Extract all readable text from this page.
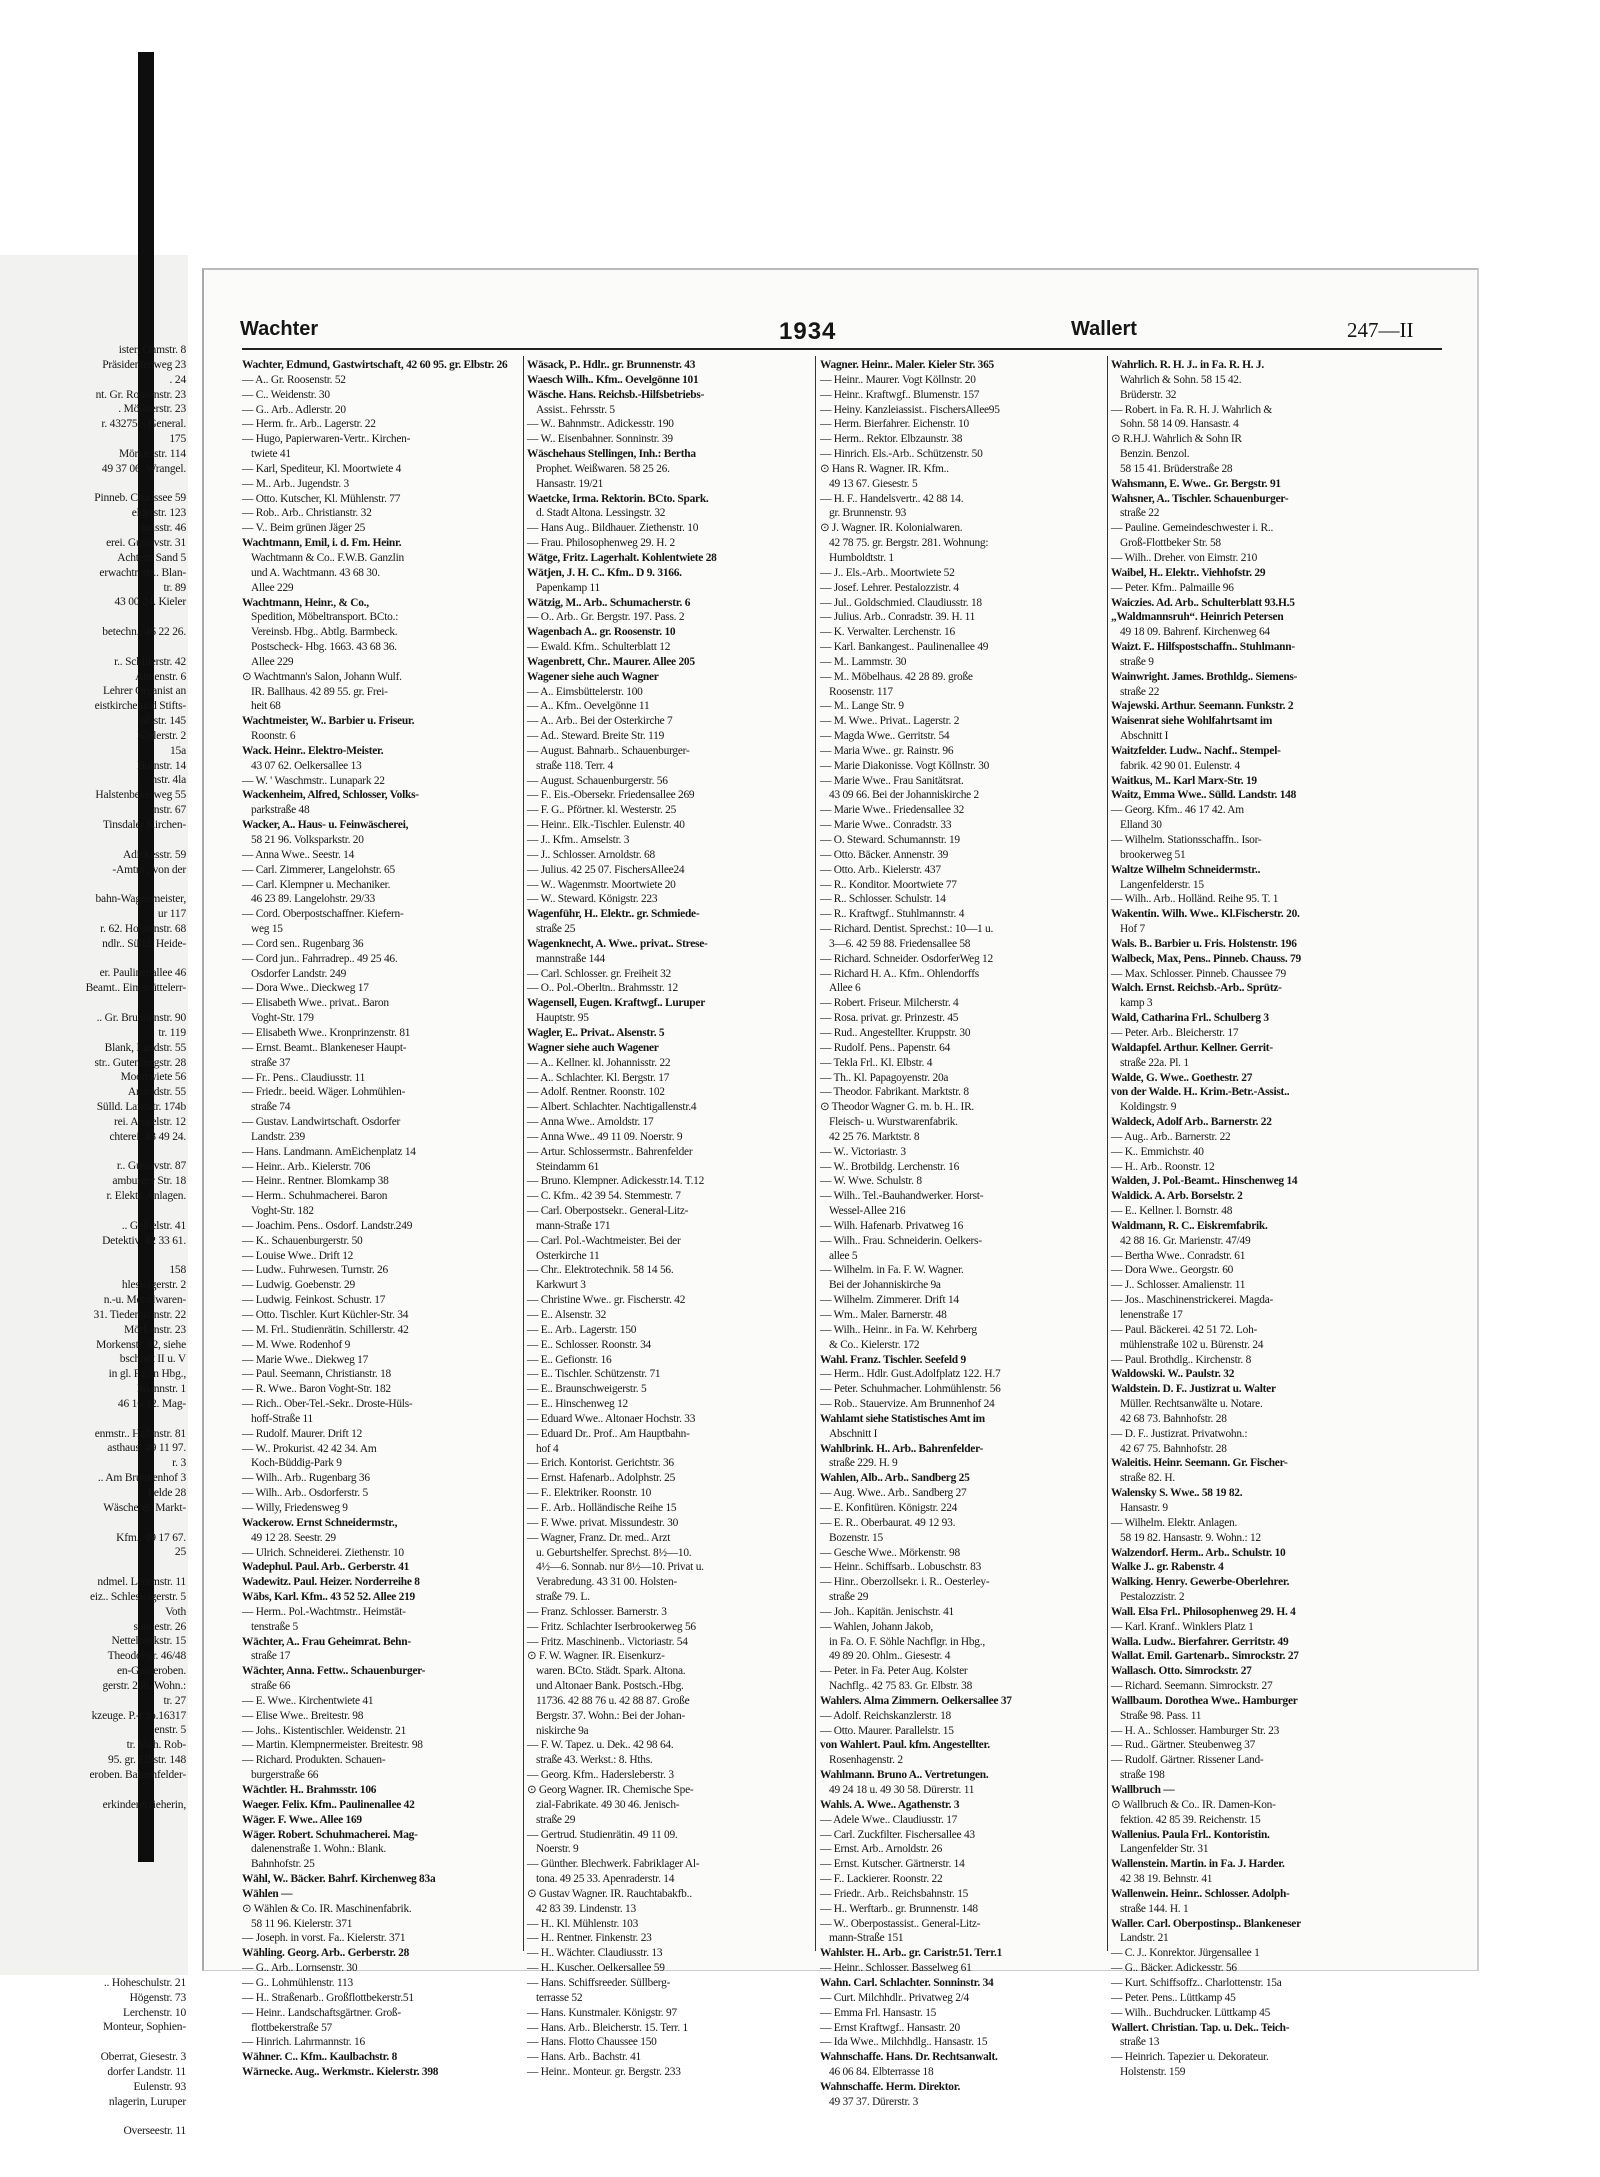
ister, Ohmstr. 8
Präsidentenweg 23
. 24
nt. Gr. Roosenstr. 23
. Möllnerstr. 23
r. 432755. General.
175
Mörkenstr. 114
49 37 06. Wrangel.
Pinneb. Chaussee 59
elderstr. 123
nnisstr. 46
erei. Gustavstr. 31
Achtern Sand 5
erwachtmstr.. Blan-
tr. 89
43 00 24. Kieler
betechn.. 46 22 26.
r.. Schillerstr. 42
Annenstr. 6
Lehrer Organist an
eistkirche und Stifts-
olbstr. 145
Kielerstr. 2
15a
Bornstr. 14
nstr. 4la
Halstenbekerweg 55
nstr. 67
Tinsdaler Kirchen-
Adickesstr. 59
-Amtm., von der
bahn-Wagenmeister,
ur 117
r. 62. Holstenstr. 68
ndlr.. Sülld. Heide-
er. Paulinenallee 46
Beamt.. Eimsbüttelerr-
.. Gr. Brunnenstr. 90
tr. 119
Blank, Landstr. 55
str.. Gutenbergstr. 28
Moortwiete 56
Arnoldstr. 55
Sülld. Landstr. 174b
rei. Amselstr. 12
chterei. 43 49 24.
r.. Gustavstr. 87
amburger Str. 18
r. Elektr. Anlagen.
.. Geibelstr. 41
Detektiv. 42 33 61.
158
hleswigerstr. 2
n.-u. Metallwaren-
31. Tiedemannstr. 22
Mörkenstr. 23
Morkenstr. 82, siehe
bschnitt II u. V
in gl. Fa. in Hbg.,
lmannstr. 1
46 16 32. Mag-
enmstr.. Hafenstr. 81
asthaus. 49 11 97.
r. 3
.. Am Brunnenhof 3
Felde 28
Wäscherei. Markt-
Kfm.. 49 17 67.
25
ndmel. Lammstr. 11
eiz.. Schleswigerstr. 5
Voth
sundestr. 26
Nettelbeckstr. 15
Theodorstr. 46/48
en-Garderoben.
gerstr. 208. Wohn.:
tr. 27
kzeuge. P.-Cto.16317
enstr. 5
tr. Voth. Rob-
95. gr. Elbstr. 148
eroben. Bahrenfelder-
erkindererzieherin,
.. Hoheschulstr. 21
Högenstr. 73
Lerchenstr. 10
Monteur, Sophien-
Oberrat, Giesestr. 3
dorfer Landstr. 11
Eulenstr. 93
nlagerin, Luruper
Overseestr. 11
Wachter	1934	Wallert	247—II
Wachter, Edmund, Gastwirtschaft, 42 60 95. gr. Elbstr. 26
— A.. Gr. Roosenstr. 52
— C.. Weidenstr. 30
— G.. Arb.. Adlerstr. 20
— Herm. fr.. Arb.. Lagerstr. 22
— Hugo, Papierwaren-Vertr.. Kirchen-
twiete 41
— Karl, Spediteur, Kl. Moortwiete 4
— M.. Arb.. Jugendstr. 3
— Otto. Kutscher, Kl. Mühlenstr. 77
— Rob.. Arb.. Christianstr. 32
— V.. Beim grünen Jäger 25
Wachtmann, Emil, i. d. Fm. Heinr.
Wachtmann & Co.. F.W.B. Ganzlin
und A. Wachtmann. 43 68 30.
Allee 229
Wachtmann, Heinr., & Co.,
Spedition, Möbeltransport. BCto.:
Vereinsb. Hbg.. Abtlg. Barmbeck.
Postscheck- Hbg. 1663. 43 68 36.
Allee 229
⊙ Wachtmann's Salon, Johann Wulf.
IR. Ballhaus. 42 89 55. gr. Frei-
heit 68
Wachtmeister, W.. Barbier u. Friseur.
Roonstr. 6
Wack. Heinr.. Elektro-Meister.
43 07 62. Oelkersallee 13
— W. ' Waschmstr.. Lunapark 22
Wackenheim, Alfred, Schlosser, Volks-
parkstraße 48
Wacker, A.. Haus- u. Feinwäscherei,
58 21 96. Volksparkstr. 20
— Anna Wwe.. Seestr. 14
— Carl. Zimmerer, Langelohstr. 65
— Carl. Klempner u. Mechaniker.
46 23 89. Langelohstr. 29/33
— Cord. Oberpostschaffner. Kiefern-
weg 15
— Cord sen.. Rugenbarg 36
— Cord jun.. Fahrradrep.. 49 25 46.
Osdorfer Landstr. 249
— Dora Wwe.. Dieckweg 17
— Elisabeth Wwe.. privat.. Baron
Voght-Str. 179
— Elisabeth Wwe.. Kronprinzenstr. 81
— Ernst. Beamt.. Blankeneser Haupt-
straße 37
— Fr.. Pens.. Claudiusstr. 11
— Friedr.. beeid. Wäger. Lohmühlen-
straße 74
— Gustav. Landwirtschaft. Osdorfer
Landstr. 239
— Hans. Landmann. AmEichenplatz 14
— Heinr.. Arb.. Kielerstr. 706
— Heinr.. Rentner. Blomkamp 38
— Herm.. Schuhmacherei. Baron
Voght-Str. 182
— Joachim. Pens.. Osdorf. Landstr.249
— K.. Schauenburgerstr. 50
— Louise Wwe.. Drift 12
— Ludw.. Fuhrwesen. Turnstr. 26
— Ludwig. Goebenstr. 29
— Ludwig. Feinkost. Schustr. 17
— Otto. Tischler. Kurt Küchler-Str. 34
— M. Frl.. Studienrätin. Schillerstr. 42
— M. Wwe. Rodenhof 9
— Marie Wwe.. Diekweg 17
— Paul. Seemann, Christianstr. 18
— R. Wwe.. Baron Voght-Str. 182
— Rich.. Ober-Tel.-Sekr.. Droste-Hüls-
hoff-Straße 11
— Rudolf. Maurer. Drift 12
— W.. Prokurist. 42 42 34. Am
Koch-Büddig-Park 9
— Wilh.. Arb.. Rugenbarg 36
— Wilh.. Arb.. Osdorferstr. 5
— Willy, Friedensweg 9
Wackerow. Ernst Schneidermstr.,
49 12 28. Seestr. 29
— Ulrich. Schneiderei. Ziethenstr. 10
Wadephul. Paul. Arb.. Gerberstr. 41
Wadewitz. Paul. Heizer. Norderreihe 8
Wäbs, Karl. Kfm.. 43 52 52. Allee 219
— Herm.. Pol.-Wachtmstr.. Heimstät-
tenstraße 5
Wächter, A.. Frau Geheimrat. Behn-
straße 17
Wächter, Anna. Fettw.. Schauenburger-
straße 66
— E. Wwe.. Kirchentwiete 41
— Elise Wwe.. Breitestr. 98
— Johs.. Kistentischler. Weidenstr. 21
— Martin. Klempnermeister. Breitestr. 98
— Richard. Produkten. Schauen-
burgerstraße 66
Wächtler. H.. Brahmsstr. 106
Waeger. Felix. Kfm.. Paulinenallee 42
Wäger. F. Wwe.. Allee 169
Wäger. Robert. Schuhmacherei. Mag-
dalenenstraße 1. Wohn.: Blank.
Bahnhofstr. 25
Wähl, W.. Bäcker. Bahrf. Kirchenweg 83a
Wählen —
⊙ Wählen & Co. IR. Maschinenfabrik.
58 11 96. Kielerstr. 371
— Joseph. in vorst. Fa.. Kielerstr. 371
Wähling. Georg. Arb.. Gerberstr. 28
— G.. Arb.. Lornsenstr. 30
— G.. Lohmühlenstr. 113
— H.. Straßenarb.. Großflottbekerstr.51
— Heinr.. Landschaftsgärtner. Groß-
flottbekerstraße 57
— Hinrich. Lahrmannstr. 16
Wähner. C.. Kfm.. Kaulbachstr. 8
Wärnecke. Aug.. Werkmstr.. Kielerstr. 398
Wäsack, P.. Hdlr.. gr. Brunnenstr. 43
Waesch Wilh.. Kfm.. Oevelgönne 101
Wäsche. Hans. Reichsb.-Hilfsbetriebs-
Assist.. Fehrsstr. 5
— W.. Bahnmstr.. Adickesstr. 190
— W.. Eisenbahner. Sonninstr. 39
Wäschehaus Stellingen, Inh.: Bertha
Prophet. Weißwaren. 58 25 26.
Hansastr. 19/21
Waetcke, Irma. Rektorin. BCto. Spark.
d. Stadt Altona. Lessingstr. 32
— Hans Aug.. Bildhauer. Ziethenstr. 10
— Frau. Philosophenweg 29. H. 2
Wätge, Fritz. Lagerhalt. Kohlentwiete 28
Wätjen, J. H. C.. Kfm.. D 9. 3166.
Papenkamp 11
Wätzig, M.. Arb.. Schumacherstr. 6
— O.. Arb.. Gr. Bergstr. 197. Pass. 2
Wagenbach A.. gr. Roosenstr. 10
— Ewald. Kfm.. Schulterblatt 12
Wagenbrett, Chr.. Maurer. Allee 205
Wagener siehe auch Wagner
— A.. Eimsbüttelerstr. 100
— A.. Kfm.. Oevelgönne 11
— A.. Arb.. Bei der Osterkirche 7
— Ad.. Steward. Breite Str. 119
— August. Bahnarb.. Schauenburger-
straße 118. Terr. 4
— August. Schauenburgerstr. 56
— F.. Eis.-Obersekr. Friedensallee 269
— F. G.. Pförtner. kl. Westerstr. 25
— Heinr.. Elk.-Tischler. Eulenstr. 40
— J.. Kfm.. Amselstr. 3
— J.. Schlosser. Arnoldstr. 68
— Julius. 42 25 07. FischersAllee24
— W.. Wagenmstr. Moortwiete 20
— W.. Steward. Königstr. 223
Wagenführ, H.. Elektr.. gr. Schmiede-
straße 25
Wagenknecht, A. Wwe.. privat.. Strese-
mannstraße 144
— Carl. Schlosser. gr. Freiheit 32
— O.. Pol.-Oberltn.. Brahmsstr. 12
Wagensell, Eugen. Kraftwgf.. Luruper
Hauptstr. 95
Wagler, E.. Privat.. Alsenstr. 5
Wagner siehe auch Wagener
— A.. Kellner. kl. Johannisstr. 22
— A.. Schlachter. Kl. Bergstr. 17
— Adolf. Rentner. Roonstr. 102
— Albert. Schlachter. Nachtigallenstr.4
— Anna Wwe.. Arnoldstr. 17
— Anna Wwe.. 49 11 09. Noerstr. 9
— Artur. Schlossermstr.. Bahrenfelder
Steindamm 61
— Bruno. Klempner. Adickesstr.14. T.12
— C. Kfm.. 42 39 54. Stemmestr. 7
— Carl. Oberpostsekr.. General-Litz-
mann-Straße 171
— Carl. Pol.-Wachtmeister. Bei der
Osterkirche 11
— Chr.. Elektrotechnik. 58 14 56.
Karkwurt 3
— Christine Wwe.. gr. Fischerstr. 42
— E.. Alsenstr. 32
— E.. Arb.. Lagerstr. 150
— E.. Schlosser. Roonstr. 34
— E.. Gefionstr. 16
— E.. Tischler. Schützenstr. 71
— E.. Braunschweigerstr. 5
— E.. Hinschenweg 12
— Eduard Wwe.. Altonaer Hochstr. 33
— Eduard Dr.. Prof.. Am Hauptbahn-
hof 4
— Erich. Kontorist. Gerichtstr. 36
— Ernst. Hafenarb.. Adolphstr. 25
— F.. Elektriker. Roonstr. 10
— F.. Arb.. Holländische Reihe 15
— F. Wwe. privat. Missundestr. 30
— Wagner, Franz. Dr. med.. Arzt
u. Geburtshelfer. Sprechst. 8½—10.
4½—6. Sonnab. nur 8½—10. Privat u.
Verabredung. 43 31 00. Holsten-
straße 79. L.
— Franz. Schlosser. Barnerstr. 3
— Fritz. Schlachter Iserbrookerweg 56
— Fritz. Maschinenb.. Victoriastr. 54
⊙ F. W. Wagner. IR. Eisenkurz-
waren. BCto. Städt. Spark. Altona.
und Altonaer Bank. Postsch.-Hbg.
11736. 42 88 76 u. 42 88 87. Große
Bergstr. 37. Wohn.: Bei der Johan-
niskirche 9a
— F. W. Tapez. u. Dek.. 42 98 64.
straße 43. Werkst.: 8. Hths.
— Georg. Kfm.. Hadersleberstr. 3
⊙ Georg Wagner. IR. Chemische Spe-
zial-Fabrikate. 49 30 46. Jenisch-
straße 29
— Gertrud. Studienrätin. 49 11 09.
Noerstr. 9
— Günther. Blechwerk. Fabriklager Al-
tona. 49 25 33. Apenraderstr. 14
⊙ Gustav Wagner. IR. Rauchtabakfb..
42 83 39. Lindenstr. 13
— H.. Kl. Mühlenstr. 103
— H.. Rentner. Finkenstr. 23
— H.. Wächter. Claudiusstr. 13
— H.. Kuscher. Oelkersallee 59
— Hans. Schiffsreeder. Süllberg-
terrasse 52
— Hans. Kunstmaler. Königstr. 97
— Hans. Arb.. Bleicherstr. 15. Terr. 1
— Hans. Flotto Chaussee 150
— Hans. Arb.. Bachstr. 41
— Heinr.. Monteur. gr. Bergstr. 233
Wagner. Heinr.. Maler. Kieler Str. 365
— Heinr.. Maurer. Vogt Köllnstr. 20
— Heinr.. Kraftwgf.. Blumenstr. 157
— Heiny. Kanzleiassist.. FischersAllee95
— Herm. Bierfahrer. Eichenstr. 10
— Herm.. Rektor. Elbzaunstr. 38
— Hinrich. Els.-Arb.. Schützenstr. 50
⊙ Hans R. Wagner. IR. Kfm..
49 13 67. Giesestr. 5
— H. F.. Handelsvertr.. 42 88 14.
gr. Brunnenstr. 93
⊙ J. Wagner. IR. Kolonialwaren.
42 78 75. gr. Bergstr. 281. Wohnung:
Humboldtstr. 1
— J.. Els.-Arb.. Moortwiete 52
— Josef. Lehrer. Pestalozzistr. 4
— Jul.. Goldschmied. Claudiusstr. 18
— Julius. Arb.. Conradstr. 39. H. 11
— K. Verwalter. Lerchenstr. 16
— Karl. Bankangest.. Paulinenallee 49
— M.. Lammstr. 30
— M.. Möbelhaus. 42 28 89. große
Roosenstr. 117
— M.. Lange Str. 9
— M. Wwe.. Privat.. Lagerstr. 2
— Magda Wwe.. Gerritstr. 54
— Maria Wwe.. gr. Rainstr. 96
— Marie Diakonisse. Vogt Köllnstr. 30
— Marie Wwe.. Frau Sanitätsrat.
43 09 66. Bei der Johanniskirche 2
— Marie Wwe.. Friedensallee 32
— Marie Wwe.. Conradstr. 33
— O. Steward. Schumannstr. 19
— Otto. Bäcker. Annenstr. 39
— Otto. Arb.. Kielerstr. 437
— R.. Konditor. Moortwiete 77
— R.. Schlosser. Schulstr. 14
— R.. Kraftwgf.. Stuhlmannstr. 4
— Richard. Dentist. Sprechst.: 10—1 u.
3—6. 42 59 88. Friedensallee 58
— Richard. Schneider. OsdorferWeg 12
— Richard H. A.. Kfm.. Ohlendorffs
Allee 6
— Robert. Friseur. Milcherstr. 4
— Rosa. privat. gr. Prinzestr. 45
— Rud.. Angestellter. Kruppstr. 30
— Rudolf. Pens.. Papenstr. 64
— Tekla Frl.. Kl. Elbstr. 4
— Th.. Kl. Papagoyenstr. 20a
— Theodor. Fabrikant. Marktstr. 8
⊙ Theodor Wagner G. m. b. H.. IR.
Fleisch- u. Wurstwarenfabrik.
42 25 76. Marktstr. 8
— W.. Victoriastr. 3
— W.. Brotbildg. Lerchenstr. 16
— W. Wwe. Schulstr. 8
— Wilh.. Tel.-Bauhandwerker. Horst-
Wessel-Allee 216
— Wilh. Hafenarb. Privatweg 16
— Wilh.. Frau. Schneiderin. Oelkers-
allee 5
— Wilhelm. in Fa. F. W. Wagner.
Bei der Johanniskirche 9a
— Wilhelm. Zimmerer. Drift 14
— Wm.. Maler. Barnerstr. 48
— Wilh.. Heinr.. in Fa. W. Kehrberg
& Co.. Kielerstr. 172
Wahl. Franz. Tischler. Seefeld 9
— Herm.. Hdlr. Gust.Adolfplatz 122. H.7
— Peter. Schuhmacher. Lohmühlenstr. 56
— Rob.. Stauervize. Am Brunnenhof 24
Wahlamt siehe Statistisches Amt im
Abschnitt I
Wahlbrink. H.. Arb.. Bahrenfelder-
straße 229. H. 9
Wahlen, Alb.. Arb.. Sandberg 25
— Aug. Wwe.. Arb.. Sandberg 27
— E. Konfitüren. Königstr. 224
— E. R.. Oberbaurat. 49 12 93.
Bozenstr. 15
— Gesche Wwe.. Mörkenstr. 98
— Heinr.. Schiffsarb.. Lobuschstr. 83
— Hinr.. Oberzollsekr. i. R.. Oesterley-
straße 29
— Joh.. Kapitän. Jenischstr. 41
— Wahlen, Johann Jakob,
in Fa. O. F. Söhle Nachflgr. in Hbg.,
49 89 20. Ohlm.. Giesestr. 4
— Peter. in Fa. Peter Aug. Kolster
Nachflg.. 42 75 83. Gr. Elbstr. 38
Wahlers. Alma Zimmern. Oelkersallee 37
— Adolf. Reichskanzlerstr. 18
— Otto. Maurer. Parallelstr. 15
von Wahlert. Paul. kfm. Angestellter.
Rosenhagenstr. 2
Wahlmann. Bruno A.. Vertretungen.
49 24 18 u. 49 30 58. Dürerstr. 11
Wahls. A. Wwe.. Agathenstr. 3
— Adele Wwe.. Claudiusstr. 17
— Carl. Zuckfilter. Fischersallee 43
— Ernst. Arb.. Arnoldstr. 26
— Ernst. Kutscher. Gärtnerstr. 14
— F.. Lackierer. Roonstr. 22
— Friedr.. Arb.. Reichsbahnstr. 15
— H.. Werftarb.. gr. Brunnenstr. 148
— W.. Oberpostassist.. General-Litz-
mann-Straße 151
Wahlster. H.. Arb.. gr. Caristr.51. Terr.1
— Heinr.. Schlosser. Basselweg 61
Wahn. Carl. Schlachter. Sonninstr. 34
— Curt. Milchhdlr.. Privatweg 2/4
— Emma Frl. Hansastr. 15
— Ernst Kraftwgf.. Hansastr. 20
— Ida Wwe.. Milchhdlg.. Hansastr. 15
Wahnschaffe. Hans. Dr. Rechtsanwalt.
46 06 84. Elbterrasse 18
Wahnschaffe. Herm. Direktor.
49 37 37. Dürerstr. 3
Wahrlich. R. H. J.. in Fa. R. H. J.
Wahrlich & Sohn. 58 15 42.
Brüderstr. 32
— Robert. in Fa. R. H. J. Wahrlich &
Sohn. 58 14 09. Hansastr. 4
⊙ R.H.J. Wahrlich & Sohn IR
Benzin. Benzol.
58 15 41. Brüderstraße 28
Wahsmann, E. Wwe.. Gr. Bergstr. 91
Wahsner, A.. Tischler. Schauenburger-
straße 22
— Pauline. Gemeindeschwester i. R..
Groß-Flottbeker Str. 58
— Wilh.. Dreher. von Eimstr. 210
Waibel, H.. Elektr.. Viehhofstr. 29
— Peter. Kfm.. Palmaille 96
Waiczies. Ad. Arb.. Schulterblatt 93.H.5
„Waldmannsruh“. Heinrich Petersen
49 18 09. Bahrenf. Kirchenweg 64
Waizt. F.. Hilfspostschaffn.. Stuhlmann-
straße 9
Wainwright. James. Brothldg.. Siemens-
straße 22
Wajewski. Arthur. Seemann. Funkstr. 2
Waisenrat siehe Wohlfahrtsamt im
Abschnitt I
Waitzfelder. Ludw.. Nachf.. Stempel-
fabrik. 42 90 01. Eulenstr. 4
Waitkus, M.. Karl Marx-Str. 19
Waitz, Emma Wwe.. Sülld. Landstr. 148
— Georg. Kfm.. 46 17 42. Am
Elland 30
— Wilhelm. Stationsschaffn.. Isor-
brookerweg 51
Waltze Wilhelm Schneidermstr..
Langenfelderstr. 15
— Wilh.. Arb.. Holländ. Reihe 95. T. 1
Wakentin. Wilh. Wwe.. Kl.Fischerstr. 20.
Hof 7
Wals. B.. Barbier u. Fris. Holstenstr. 196
Walbeck, Max, Pens.. Pinneb. Chauss. 79
— Max. Schlosser. Pinneb. Chaussee 79
Walch. Ernst. Reichsb.-Arb.. Sprütz-
kamp 3
Wald, Catharina Frl.. Schulberg 3
— Peter. Arb.. Bleicherstr. 17
Waldapfel. Arthur. Kellner. Gerrit-
straße 22a. Pl. 1
Walde, G. Wwe.. Goethestr. 27
von der Walde. H.. Krim.-Betr.-Assist..
Koldingstr. 9
Waldeck, Adolf Arb.. Barnerstr. 22
— Aug.. Arb.. Barnerstr. 22
— K.. Emmichstr. 40
— H.. Arb.. Roonstr. 12
Walden, J. Pol.-Beamt.. Hinschenweg 14
Waldick. A. Arb. Borselstr. 2
— E.. Kellner. l. Bornstr. 48
Waldmann, R. C.. Eiskremfabrik.
42 88 16. Gr. Marienstr. 47/49
— Bertha Wwe.. Conradstr. 61
— Dora Wwe.. Georgstr. 60
— J.. Schlosser. Amalienstr. 11
— Jos.. Maschinenstrickerei. Magda-
lenenstraße 17
— Paul. Bäckerei. 42 51 72. Loh-
mühlenstraße 102 u. Bürenstr. 24
— Paul. Brothdlg.. Kirchenstr. 8
Waldowski. W.. Paulstr. 32
Waldstein. D. F.. Justizrat u. Walter
Müller. Rechtsanwälte u. Notare.
42 68 73. Bahnhofstr. 28
— D. F.. Justizrat. Privatwohn.:
42 67 75. Bahnhofstr. 28
Waleitis. Heinr. Seemann. Gr. Fischer-
straße 82. H.
Walensky S. Wwe.. 58 19 82.
Hansastr. 9
— Wilhelm. Elektr. Anlagen.
58 19 82. Hansastr. 9. Wohn.: 12
Walzendorf. Herm.. Arb.. Schulstr. 10
Walke J.. gr. Rabenstr. 4
Walking. Henry. Gewerbe-Oberlehrer.
Pestalozzistr. 2
Wall. Elsa Frl.. Philosophenweg 29. H. 4
— Karl. Kranf.. Winklers Platz 1
Walla. Ludw.. Bierfahrer. Gerritstr. 49
Wallat. Emil. Gartenarb.. Simrockstr. 27
Wallasch. Otto. Simrockstr. 27
— Richard. Seemann. Simrockstr. 27
Wallbaum. Dorothea Wwe.. Hamburger
Straße 98. Pass. 11
— H. A.. Schlosser. Hamburger Str. 23
— Rud.. Gärtner. Steubenweg 37
— Rudolf. Gärtner. Rissener Land-
straße 198
Wallbruch —
⊙ Wallbruch & Co.. IR. Damen-Kon-
fektion. 42 85 39. Reichenstr. 15
Wallenius. Paula Frl.. Kontoristin.
Langenfelder Str. 31
Wallenstein. Martin. in Fa. J. Harder.
42 38 19. Behnstr. 41
Wallenwein. Heinr.. Schlosser. Adolph-
straße 144. H. 1
Waller. Carl. Oberpostinsp.. Blankeneser
Landstr. 21
— C. J.. Konrektor. Jürgensallee 1
— G.. Bäcker. Adickesstr. 56
— Kurt. Schiffsoffz.. Charlottenstr. 15a
— Peter. Pens.. Lüttkamp 45
— Wilh.. Buchdrucker. Lüttkamp 45
Wallert. Christian. Tap. u. Dek.. Teich-
straße 13
— Heinrich. Tapezier u. Dekorateur.
Holstenstr. 159
